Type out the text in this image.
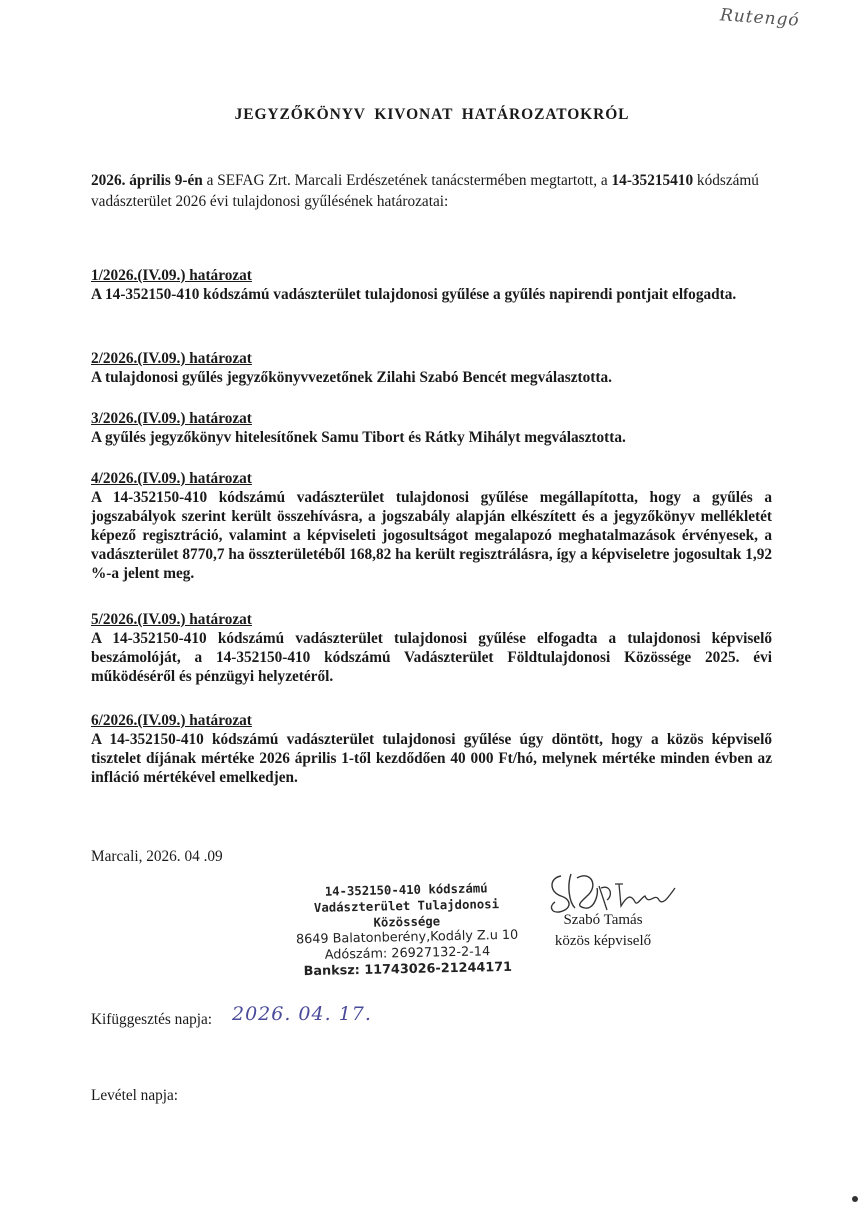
Rutengó
JEGYZŐKÖNYV KIVONAT HATÁROZATOKRÓL
2026. április 9-én a SEFAG Zrt. Marcali Erdészetének tanácstermében megtartott, a 14-35215410 kódszámú vadászterület 2026 évi tulajdonosi gyűlésének határozatai:
1/2026.(IV.09.) határozat
A 14-352150-410 kódszámú vadászterület tulajdonosi gyűlése a gyűlés napirendi pontjait elfogadta.
2/2026.(IV.09.) határozat
A tulajdonosi gyűlés jegyzőkönyvvezetőnek Zilahi Szabó Bencét megválasztotta.
3/2026.(IV.09.) határozat
A gyűlés jegyzőkönyv hitelesítőnek Samu Tibort és Rátky Mihályt megválasztotta.
4/2026.(IV.09.) határozat
A 14-352150-410 kódszámú vadászterület tulajdonosi gyűlése megállapította, hogy a gyűlés a jogszabályok szerint került összehívásra, a jogszabály alapján elkészített és a jegyzőkönyv mellékletét képező regisztráció, valamint a képviseleti jogosultságot megalapozó meghatalmazások érvényesek, a vadászterület 8770,7 ha összterületéből 168,82 ha került regisztrálásra, így a képviseletre jogosultak 1,92 %-a jelent meg.
5/2026.(IV.09.) határozat
A 14-352150-410 kódszámú vadászterület tulajdonosi gyűlése elfogadta a tulajdonosi képviselő beszámolóját, a 14-352150-410 kódszámú Vadászterület Földtulajdonosi Közössége 2025. évi működéséről és pénzügyi helyzetéről.
6/2026.(IV.09.) határozat
A 14-352150-410 kódszámú vadászterület tulajdonosi gyűlése úgy döntött, hogy a közös képviselő tisztelet díjának mértéke 2026 április 1-től kezdődően 40 000 Ft/hó, melynek mértéke minden évben az infláció mértékével emelkedjen.
Marcali, 2026. 04 .09
14-352150-410 kódszámú
Vadászterület Tulajdonosi
Közössége
8649 Balatonberény,Kodály Z.u 10
Adószám: 26927132-2-14
Banksz: 11743026-21244171
Szabó Tamás
közös képviselő
Kifüggesztés napja: 2026. 04. 17.
Levétel napja:
